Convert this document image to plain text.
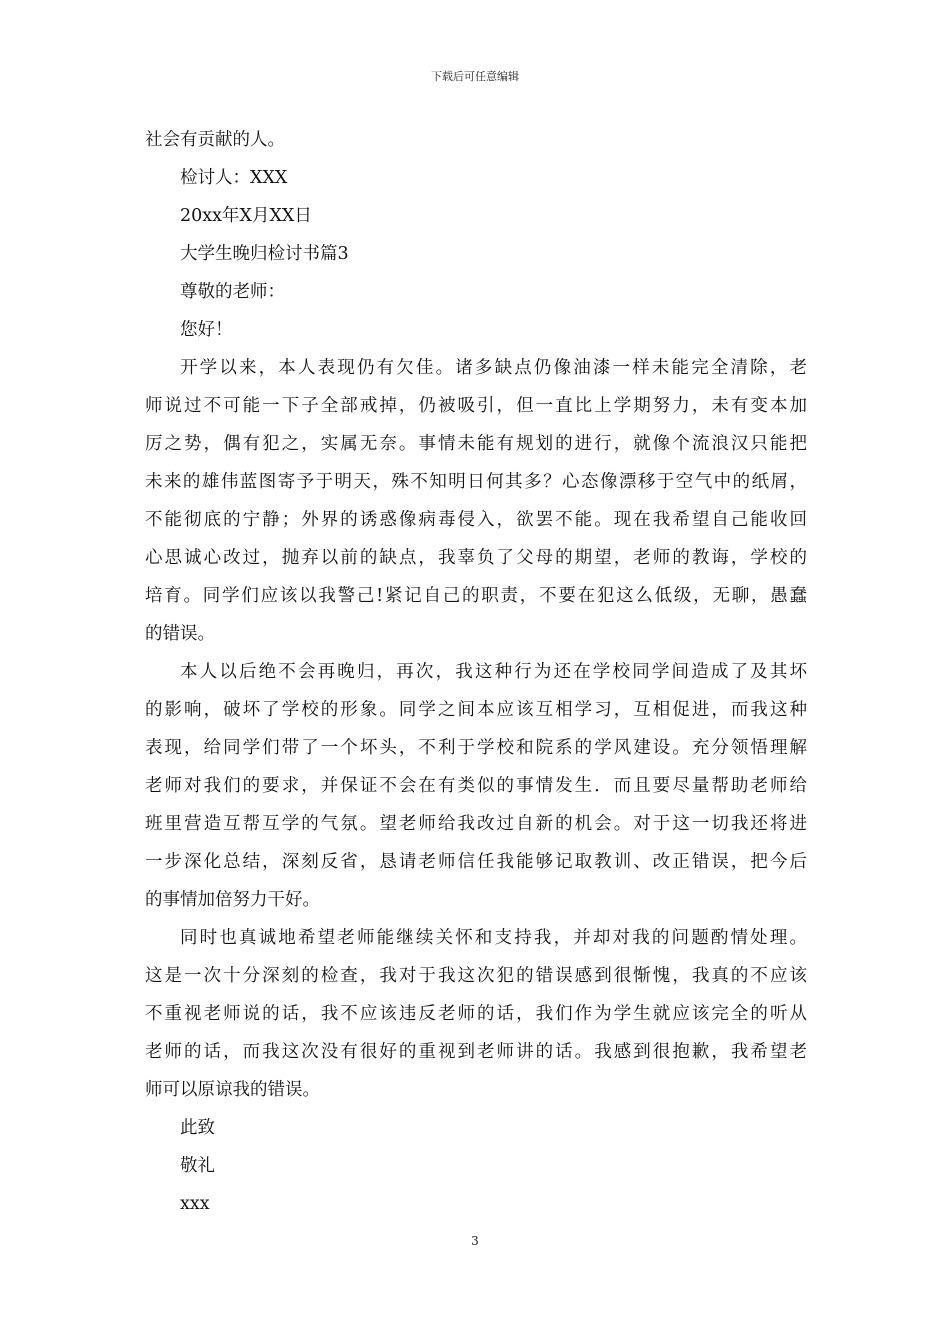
下载后可任意编辑

社会有贡献的人。

检讨人：XXX

20xx年X月XX日

大学生晚归检讨书篇3

尊敬的老师：

您好！

开学以来，本人表现仍有欠佳。诸多缺点仍像油漆一样未能完全清除，老

师说过不可能一下子全部戒掉，仍被吸引，但一直比上学期努力，未有变本加

厉之势，偶有犯之，实属无奈。事情未能有规划的进行，就像个流浪汉只能把

未来的雄伟蓝图寄予于明天，殊不知明日何其多？心态像漂移于空气中的纸屑，

不能彻底的宁静；外界的诱惑像病毒侵入，欲罢不能。现在我希望自己能收回

心思诚心改过，抛弃以前的缺点，我辜负了父母的期望，老师的教诲，学校的

培育。同学们应该以我警己!紧记自己的职责，不要在犯这么低级，无聊，愚蠢

的错误。

本人以后绝不会再晚归，再次，我这种行为还在学校同学间造成了及其坏

的影响，破坏了学校的形象。同学之间本应该互相学习，互相促进，而我这种

表现，给同学们带了一个坏头，不利于学校和院系的学风建设。充分领悟理解

老师对我们的要求，并保证不会在有类似的事情发生．而且要尽量帮助老师给

班里营造互帮互学的气氛。望老师给我改过自新的机会。对于这一切我还将进

一步深化总结，深刻反省，恳请老师信任我能够记取教训、改正错误，把今后

的事情加倍努力干好。

同时也真诚地希望老师能继续关怀和支持我，并却对我的问题酌情处理。

这是一次十分深刻的检查，我对于我这次犯的错误感到很惭愧，我真的不应该

不重视老师说的话，我不应该违反老师的话，我们作为学生就应该完全的听从

老师的话，而我这次没有很好的重视到老师讲的话。我感到很抱歉，我希望老

师可以原谅我的错误。

此致

敬礼

xxx

3
